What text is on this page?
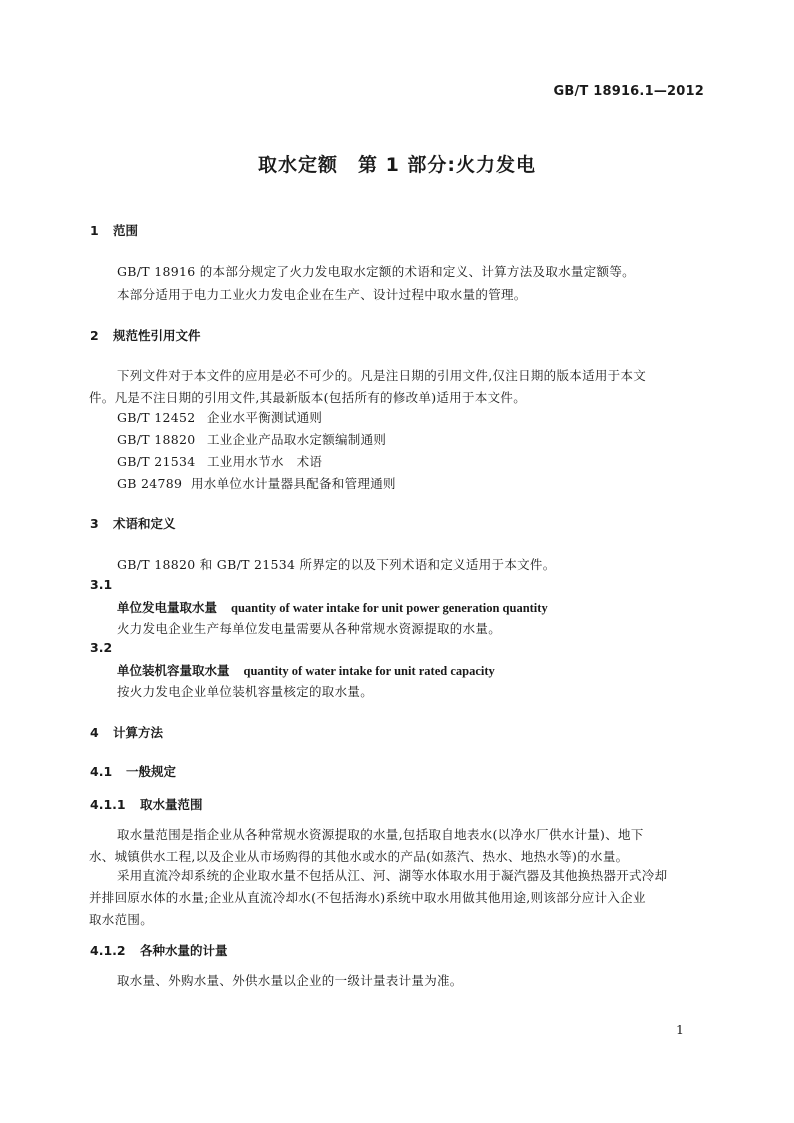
GB/T 18916.1—2012
取水定额　第 1 部分:火力发电
1 范围
GB/T 18916 的本部分规定了火力发电取水定额的术语和定义、计算方法及取水量定额等。
本部分适用于电力工业火力发电企业在生产、设计过程中取水量的管理。
2 规范性引用文件
下列文件对于本文件的应用是必不可少的。凡是注日期的引用文件,仅注日期的版本适用于本文
件。凡是不注日期的引用文件,其最新版本(包括所有的修改单)适用于本文件。
GB/T 12452 企业水平衡测试通则
GB/T 18820 工业企业产品取水定额编制通则
GB/T 21534 工业用水节水　术语
GB 24789 用水单位水计量器具配备和管理通则
3 术语和定义
GB/T 18820 和 GB/T 21534 所界定的以及下列术语和定义适用于本文件。
3.1
单位发电量取水量 quantity of water intake for unit power generation quantity
火力发电企业生产每单位发电量需要从各种常规水资源提取的水量。
3.2
单位装机容量取水量 quantity of water intake for unit rated capacity
按火力发电企业单位装机容量核定的取水量。
4 计算方法
4.1 一般规定
4.1.1 取水量范围
取水量范围是指企业从各种常规水资源提取的水量,包括取自地表水(以净水厂供水计量)、地下
水、城镇供水工程,以及企业从市场购得的其他水或水的产品(如蒸汽、热水、地热水等)的水量。
采用直流冷却系统的企业取水量不包括从江、河、湖等水体取水用于凝汽器及其他换热器开式冷却
并排回原水体的水量;企业从直流冷却水(不包括海水)系统中取水用做其他用途,则该部分应计入企业
取水范围。
4.1.2 各种水量的计量
取水量、外购水量、外供水量以企业的一级计量表计量为准。
1
